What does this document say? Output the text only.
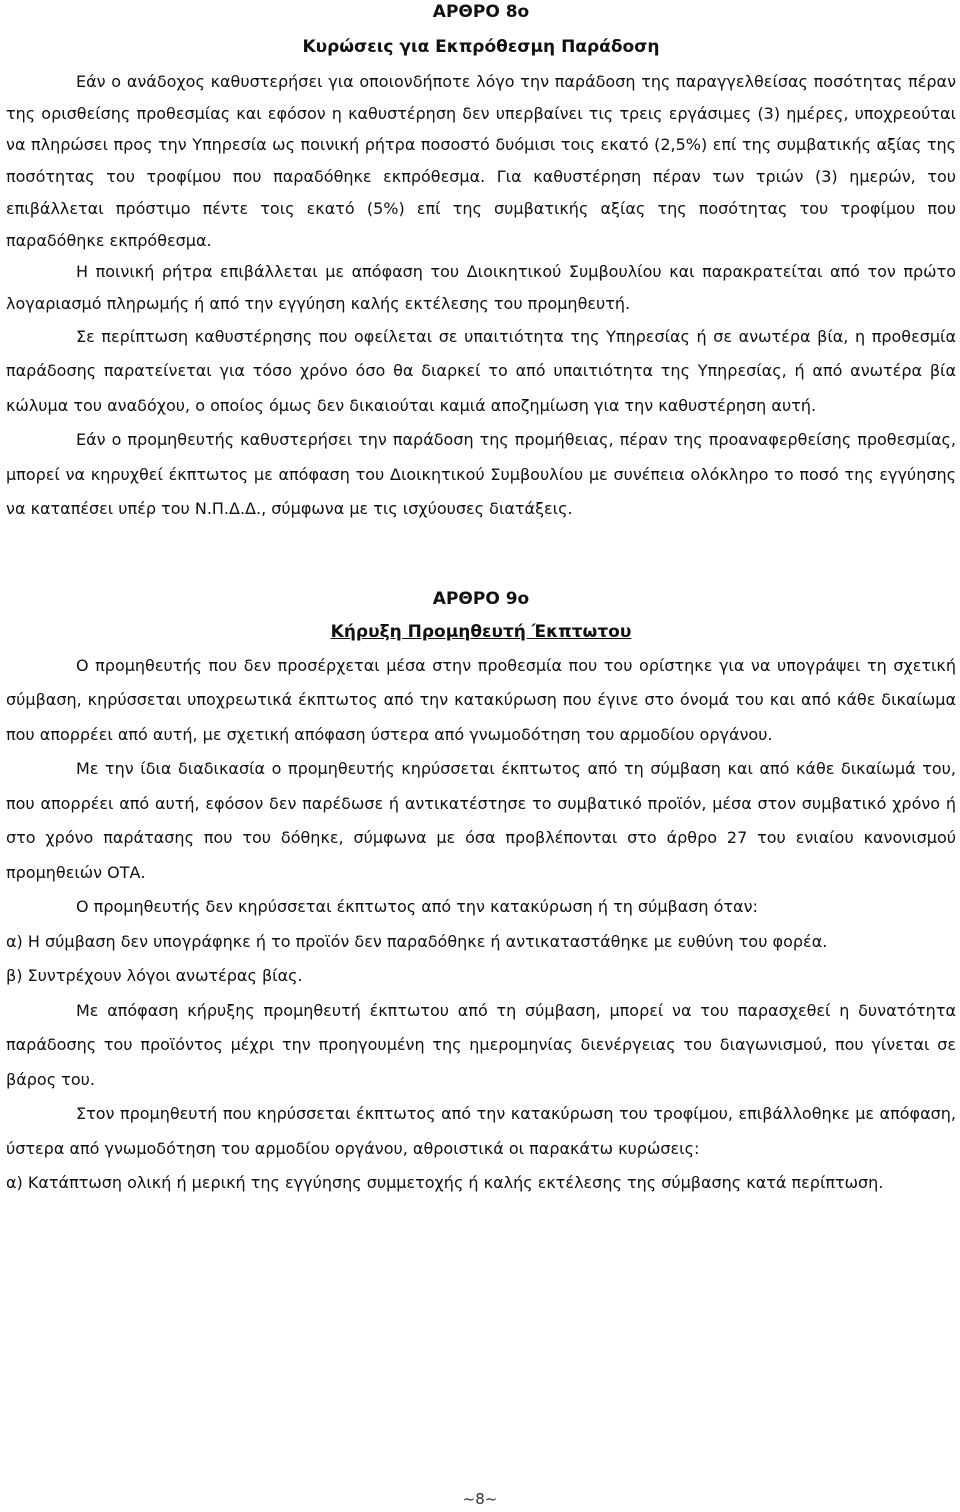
ΑΡΘΡΟ 8ο
Κυρώσεις για Εκπρόθεσμη Παράδοση

Εάν ο ανάδοχος καθυστερήσει για οποιονδήποτε λόγο την παράδοση της παραγγελθείσας ποσότητας πέραν της ορισθείσης προθεσμίας και εφόσον η καθυστέρηση δεν υπερβαίνει τις τρεις εργάσιμες (3) ημέρες, υποχρεούται να πληρώσει προς την Υπηρεσία ως ποινική ρήτρα ποσοστό δυόμισι τοις εκατό (2,5%) επί της συμβατικής αξίας της ποσότητας του τροφίμου που παραδόθηκε εκπρόθεσμα. Για καθυστέρηση πέραν των τριών (3) ημερών, του επιβάλλεται πρόστιμο πέντε τοις εκατό (5%) επί της συμβατικής αξίας της ποσότητας του τροφίμου που παραδόθηκε εκπρόθεσμα.

Η ποινική ρήτρα επιβάλλεται με απόφαση του Διοικητικού Συμβουλίου και παρακρατείται από τον πρώτο λογαριασμό πληρωμής ή από την εγγύηση καλής εκτέλεσης του προμηθευτή.

Σε περίπτωση καθυστέρησης που οφείλεται σε υπαιτιότητα της Υπηρεσίας ή σε ανωτέρα βία, η προθεσμία παράδοσης παρατείνεται για τόσο χρόνο όσο θα διαρκεί το από υπαιτιότητα της Υπηρεσίας, ή από ανωτέρα βία κώλυμα του αναδόχου, ο οποίος όμως δεν δικαιούται καμιά αποζημίωση για την καθυστέρηση αυτή.

Εάν ο προμηθευτής καθυστερήσει την παράδοση της προμήθειας, πέραν της προαναφερθείσης προθεσμίας, μπορεί να κηρυχθεί έκπτωτος με απόφαση του Διοικητικού Συμβουλίου με συνέπεια ολόκληρο το ποσό της εγγύησης να καταπέσει υπέρ του Ν.Π.Δ.Δ., σύμφωνα με τις ισχύουσες διατάξεις.

ΑΡΘΡΟ 9ο
Κήρυξη Προμηθευτή Έκπτωτου

Ο προμηθευτής που δεν προσέρχεται μέσα στην προθεσμία που του ορίστηκε για να υπογράψει τη σχετική σύμβαση, κηρύσσεται υποχρεωτικά έκπτωτος από την κατακύρωση που έγινε στο όνομά του και από κάθε δικαίωμα που απορρέει από αυτή, με σχετική απόφαση ύστερα από γνωμοδότηση του αρμοδίου οργάνου.

Με την ίδια διαδικασία ο προμηθευτής κηρύσσεται έκπτωτος από τη σύμβαση και από κάθε δικαίωμά του, που απορρέει από αυτή, εφόσον δεν παρέδωσε ή αντικατέστησε το συμβατικό προϊόν, μέσα στον συμβατικό χρόνο ή στο χρόνο παράτασης που του δόθηκε, σύμφωνα με όσα προβλέπονται στο άρθρο 27 του ενιαίου κανονισμού προμηθειών ΟΤΑ.

Ο προμηθευτής δεν κηρύσσεται έκπτωτος από την κατακύρωση ή τη σύμβαση όταν:

α) Η σύμβαση δεν υπογράφηκε ή το προϊόν δεν παραδόθηκε ή αντικαταστάθηκε με ευθύνη του φορέα.

β) Συντρέχουν λόγοι ανωτέρας βίας.

Με απόφαση κήρυξης προμηθευτή έκπτωτου από τη σύμβαση, μπορεί να του παρασχεθεί η δυνατότητα παράδοσης του προϊόντος μέχρι την προηγουμένη της ημερομηνίας διενέργειας του διαγωνισμού, που γίνεται σε βάρος του.

Στον προμηθευτή που κηρύσσεται έκπτωτος από την κατακύρωση του τροφίμου, επιβάλλοθηκε με απόφαση, ύστερα από γνωμοδότηση του αρμοδίου οργάνου, αθροιστικά οι παρακάτω κυρώσεις:

α) Κατάπτωση ολική ή μερική της εγγύησης συμμετοχής ή καλής εκτέλεσης της σύμβασης κατά περίπτωση.

~8~
